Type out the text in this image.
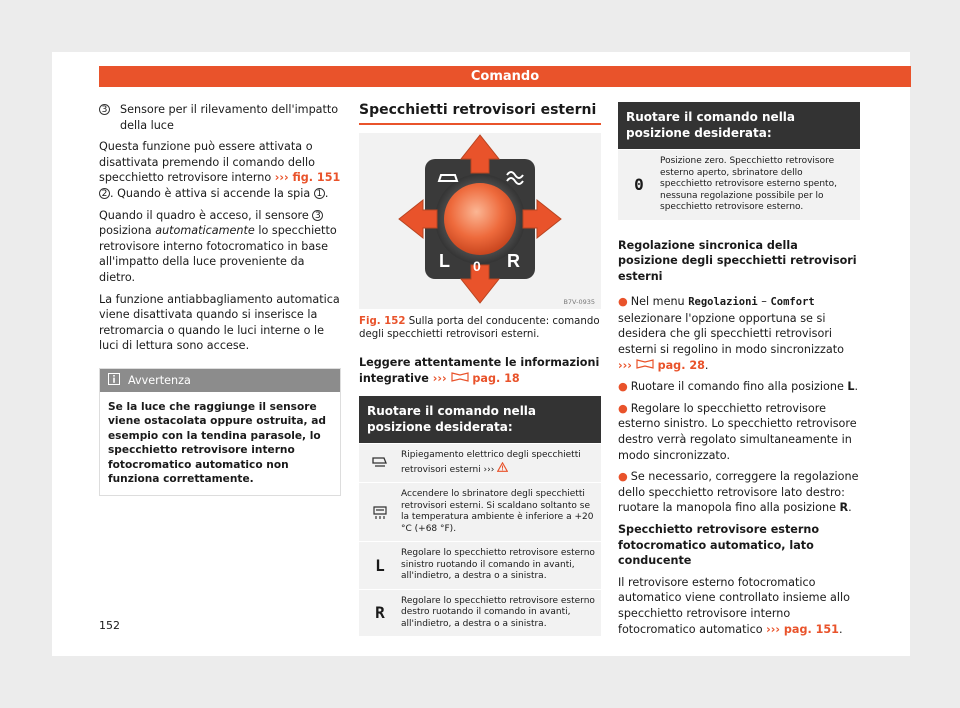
Comando
3 Sensore per il rilevamento dell'impatto della luce

Questa funzione può essere attivata o disattivata premendo il comando dello specchietto retrovisore interno ››› fig. 151 2 . Quando è attiva si accende la spia 1 .

Quando il quadro è acceso, il sensore 3 posiziona automaticamente lo specchietto retrovisore interno fotocromatico in base all'impatto della luce proveniente da dietro.

La funzione antiabbagliamento automatica viene disattivata quando si inserisce la retromarcia o quando le luci interne o le luci di lettura sono accese.

Avvertenza
Se la luce che raggiunge il sensore viene ostacolata oppure ostruita, ad esempio con la tendina parasole, lo specchietto retrovisore interno fotocromatico automatico non funziona correttamente.
Specchietti retrovisori esterni
L 0 R
B7V-0935
Fig. 152 Sulla porta del conducente: comando degli specchietti retrovisori esterni.
Leggere attentamente le informazioni integrative ›››  pag. 18
Ruotare il comando nella posizione desiderata:
Ripiegamento elettrico degli specchietti retrovisori esterni ›››
Accendere lo sbrinatore degli specchietti retrovisori esterni. Si scaldano soltanto se la temperatura ambiente è inferiore a +20 °C (+68 °F).
L
Regolare lo specchietto retrovisore esterno sinistro ruotando il comando in avanti, all'indietro, a destra o a sinistra.
R
Regolare lo specchietto retrovisore esterno destro ruotando il comando in avanti, all'indietro, a destra o a sinistra.
Ruotare il comando nella posizione desiderata:
0
Posizione zero. Specchietto retrovisore esterno aperto, sbrinatore dello specchietto retrovisore esterno spento, nessuna regolazione possibile per lo specchietto retrovisore esterno.
Regolazione sincronica della posizione degli specchietti retrovisori esterni

● Nel menu Regolazioni – Comfort selezionare l'opzione opportuna se si desidera che gli specchietti retrovisori esterni si regolino in modo sincronizzato ›››  pag. 28.

● Ruotare il comando fino alla posizione L.

● Regolare lo specchietto retrovisore esterno sinistro. Lo specchietto retrovisore destro verrà regolato simultaneamente in modo sincronizzato.

● Se necessario, correggere la regolazione dello specchietto retrovisore lato destro: ruotare la manopola fino alla posizione R.

Specchietto retrovisore esterno fotocromatico automatico, lato conducente

Il retrovisore esterno fotocromatico automatico viene controllato insieme allo specchietto retrovisore interno fotocromatico automatico ››› pag. 151.

152
